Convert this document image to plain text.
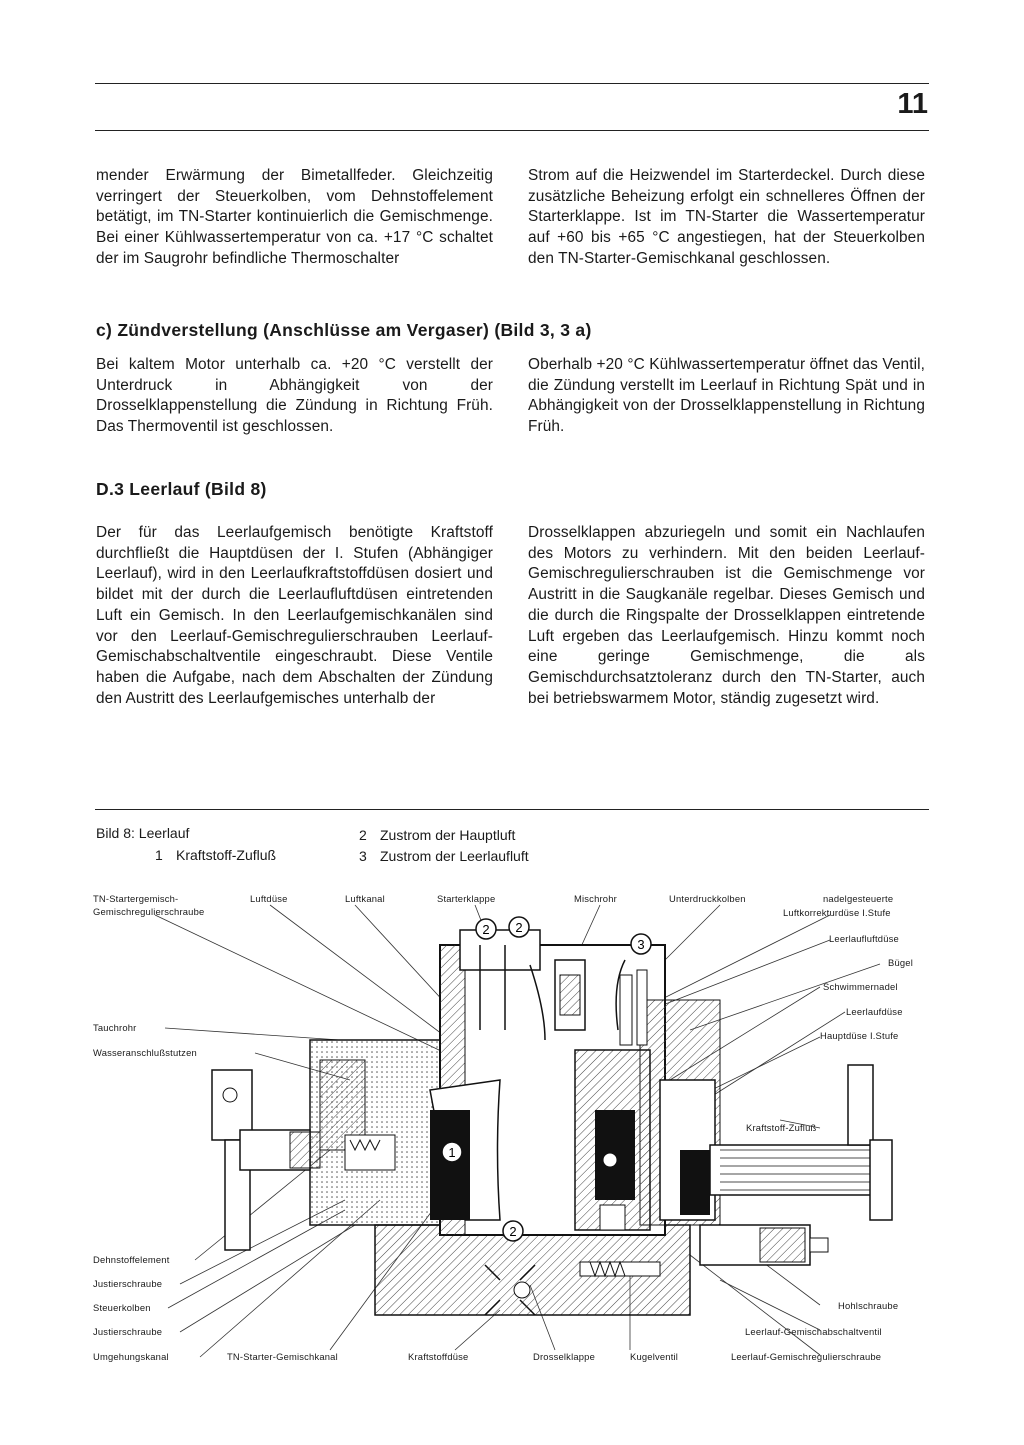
11
mender Erwärmung der Bimetallfeder. Gleichzeitig verringert der Steuerkolben, vom Dehnstoffelement betätigt, im TN-Starter kontinuierlich die Gemischmenge. Bei einer Kühlwassertemperatur von ca. +17 °C schaltet der im Saugrohr befindliche Thermoschalter
Strom auf die Heizwendel im Starterdeckel. Durch diese zusätzliche Beheizung erfolgt ein schnelleres Öffnen der Starterklappe. Ist im TN-Starter die Wassertemperatur auf +60 bis +65 °C angestiegen, hat der Steuerkolben den TN-Starter-Gemischkanal geschlossen.
c) Zündverstellung (Anschlüsse am Vergaser) (Bild 3, 3 a)
Bei kaltem Motor unterhalb ca. +20 °C verstellt der Unterdruck in Abhängigkeit von der Drosselklappenstellung die Zündung in Richtung Früh. Das Thermoventil ist geschlossen.
Oberhalb +20 °C Kühlwassertemperatur öffnet das Ventil, die Zündung verstellt im Leerlauf in Richtung Spät und in Abhängigkeit von der Drosselklappenstellung in Richtung Früh.
D.3 Leerlauf (Bild 8)
Der für das Leerlaufgemisch benötigte Kraftstoff durchfließt die Hauptdüsen der I. Stufen (Abhängiger Leerlauf), wird in den Leerlaufkraftstoffdüsen dosiert und bildet mit der durch die Leerlaufluftdüsen eintretenden Luft ein Gemisch. In den Leerlaufgemischkanälen sind vor den Leerlauf-Gemischregulierschrauben Leerlauf-Gemischabschaltventile eingeschraubt. Diese Ventile haben die Aufgabe, nach dem Abschalten der Zündung den Austritt des Leerlaufgemisches unterhalb der
Drosselklappen abzuriegeln und somit ein Nachlaufen des Motors zu verhindern. Mit den beiden Leerlauf-Gemischregulierschrauben ist die Gemischmenge vor Austritt in die Saugkanäle regelbar. Dieses Gemisch und die durch die Ringspalte der Drosselklappen eintretende Luft ergeben das Leerlaufgemisch. Hinzu kommt noch eine geringe Gemischmenge, die als Gemischdurchsatztoleranz durch den TN-Starter, auch bei betriebswarmem Motor, ständig zugesetzt wird.
Bild 8: Leerlauf
1 Kraftstoff-Zufluß
2 Zustrom der Hauptluft
3 Zustrom der Leerlaufluft
1
2 2
3
2
TN-Startergemisch-
Gemischregulierschraube
Luftdüse	Luftkanal	Starterklappe	Mischrohr	Unterdruckkolben	nadelgesteuerte
Luftkorrekturdüse I.Stufe
Leerlaufluftdüse
Bügel
Schwimmernadel
Leerlaufdüse
Hauptdüse I.Stufe
Kraftstoff-Zufluß
Tauchrohr
Wasseranschlußstutzen
Dehnstoffelement
Justierschraube
Steuerkolben
Justierschraube
Umgehungskanal	TN-Starter-Gemischkanal	Kraftstoffdüse	Drosselklappe	Kugelventil
Hohlschraube
Leerlauf-Gemischabschaltventil
Leerlauf-Gemischregulierschraube
